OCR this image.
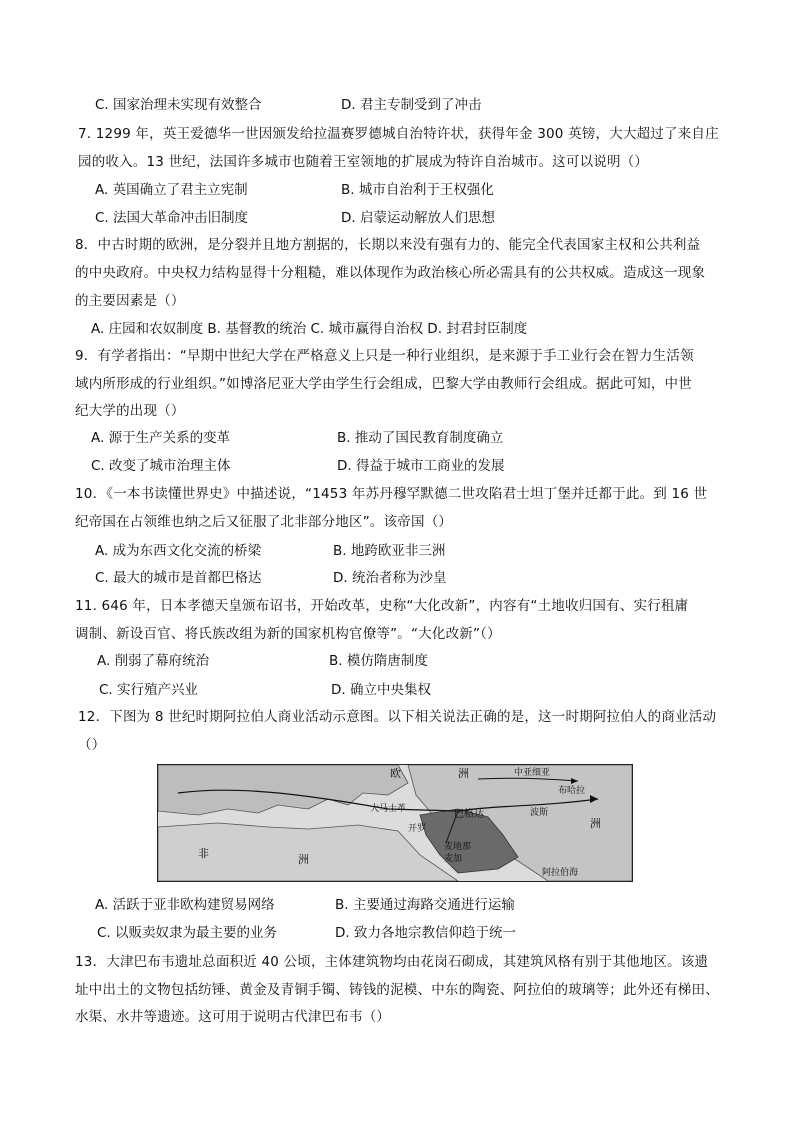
C. 国家治理未实现有效整合	D. 君主专制受到了冲击
7. 1299 年，英王爱德华一世因颁发给拉温赛罗德城自治特许状，获得年金 300 英镑，大大超过了来自庄
园的收入。13 世纪，法国许多城市也随着王室领地的扩展成为特许自治城市。这可以说明（）
A. 英国确立了君主立宪制	B. 城市自治利于王权强化
C. 法国大革命冲击旧制度	D. 启蒙运动解放人们思想
8．中古时期的欧洲，是分裂并且地方割据的，长期以来没有强有力的、能完全代表国家主权和公共利益
的中央政府。中央权力结构显得十分粗糙，难以体现作为政治核心所必需具有的公共权威。造成这一现象
的主要因素是（）
A. 庄园和农奴制度 B. 基督教的统治 C. 城市赢得自治权 D. 封君封臣制度
9．有学者指出：“早期中世纪大学在严格意义上只是一种行业组织，是来源于手工业行会在智力生活领
域内所形成的行业组织。”如博洛尼亚大学由学生行会组成，巴黎大学由教师行会组成。据此可知，中世
纪大学的出现（）
A. 源于生产关系的变革	B. 推动了国民教育制度确立
C. 改变了城市治理主体	D. 得益于城市工商业的发展
10．《一本书读懂世界史》中描述说，“1453 年苏丹穆罕默德二世攻陷君士坦丁堡并迁都于此。到 16 世
纪帝国在占领维也纳之后又征服了北非部分地区”。该帝国（）
A. 成为东西文化交流的桥梁	B. 地跨欧亚非三洲
C. 最大的城市是首都巴格达	D. 统治者称为沙皇
11. 646 年，日本孝德天皇颁布诏书，开始改革，史称“大化改新”，内容有“土地收归国有、实行租庸
调制、新设百官、将氏族改组为新的国家机构官僚等”。“大化改新”（）
A. 削弱了幕府统治	B. 模仿隋唐制度
C. 实行殖产兴业	D. 确立中央集权
12．下图为 8 世纪时期阿拉伯人商业活动示意图。以下相关说法正确的是，这一时期阿拉伯人的商业活动
（）
欧	洲
非	洲
洲
巴格达
大马士革
开罗
麦地那
麦加
中亚细亚
布哈拉
波斯
阿拉伯海
A. 活跃于亚非欧构建贸易网络	B. 主要通过海路交通进行运输
C. 以贩卖奴隶为最主要的业务	D. 致力各地宗教信仰趋于统一
13．大津巴布韦遗址总面积近 40 公顷，主体建筑物均由花岗石砌成，其建筑风格有别于其他地区。该遗
址中出土的文物包括纺锤、黄金及青铜手镯、铸钱的泥模、中东的陶瓷、阿拉伯的玻璃等；此外还有梯田、
水渠、水井等遗迹。这可用于说明古代津巴布韦（）
